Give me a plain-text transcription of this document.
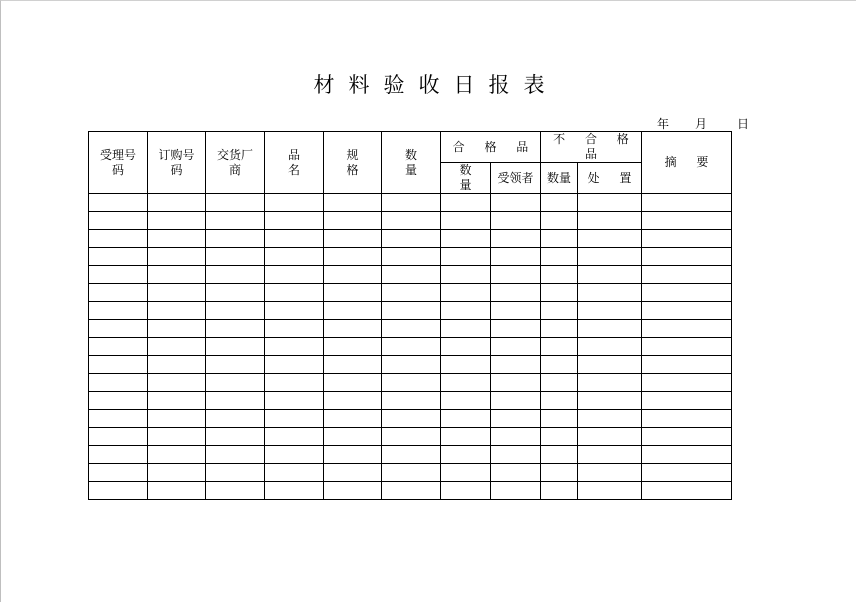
材料验收日报表
年	月	日
受理号码	订购号码	交货厂商	品 名	规 格	数 量	合 格 品		不 合 格 品		摘 要
						数 量	受领者	数量	处 置	
